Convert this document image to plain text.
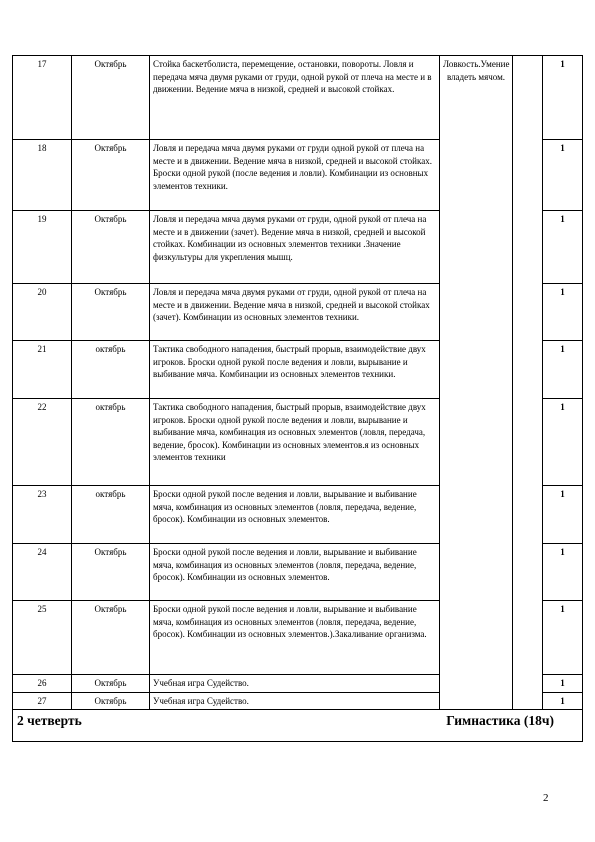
17	Октябрь	Стойка баскетболиста, перемещение, остановки, повороты. Ловля и передача мяча двумя руками от груди, одной рукой от плеча на месте и в движении. Ведение мяча в низкой, средней и высокой стойках.	Ловкость.Умение владеть мячом.		1
18	Октябрь	Ловля и передача мяча двумя руками от груди одной рукой от плеча на месте и в движении. Ведение мяча в низкой, средней и высокой стойках. Броски одной рукой (после ведения и ловли). Комбинации из основных элементов техники.			1
19	Октябрь	Ловля и передача мяча двумя руками от груди, одной рукой от плеча на месте и в движении (зачет). Ведение мяча в низкой, средней и высокой стойках. Комбинации из основных элементов техники .Значение физкультуры для укрепления мышц.			1
20	Октябрь	Ловля и передача мяча двумя руками от груди, одной рукой от плеча на месте и в движении. Ведение мяча в низкой, средней и высокой стойках (зачет). Комбинации из основных элементов техники.			1
21	октябрь	Тактика свободного нападения, быстрый прорыв, взаимодействие двух игроков. Броски одной рукой после ведения и ловли, вырывание и выбивание мяча. Комбинации из основных элементов техники.			1
22	октябрь	Тактика свободного нападения, быстрый прорыв, взаимодействие двух игроков. Броски одной рукой после ведения и ловли, вырывание и выбивание мяча, комбинация из основных элементов (ловля, передача, ведение, бросок). Комбинации из основных элементов.я из основных элементов техники			1
23	октябрь	Броски одной рукой после ведения и ловли, вырывание и выбивание мяча, комбинация из основных элементов (ловля, передача, ведение, бросок). Комбинации из основных элементов.			1
24	Октябрь	Броски одной рукой после ведения и ловли, вырывание и выбивание мяча, комбинация из основных элементов (ловля, передача, ведение, бросок). Комбинации из основных элементов.			1
25	Октябрь	Броски одной рукой после ведения и ловли, вырывание и выбивание мяча, комбинация из основных элементов (ловля, передача, ведение, бросок). Комбинации из основных элементов.).Закаливание организма.			1
26	Октябрь	Учебная игра Судейство.			1
27	Октябрь	Учебная игра Судейство.			1

2 четверть Гимнастика (18ч)					
2
